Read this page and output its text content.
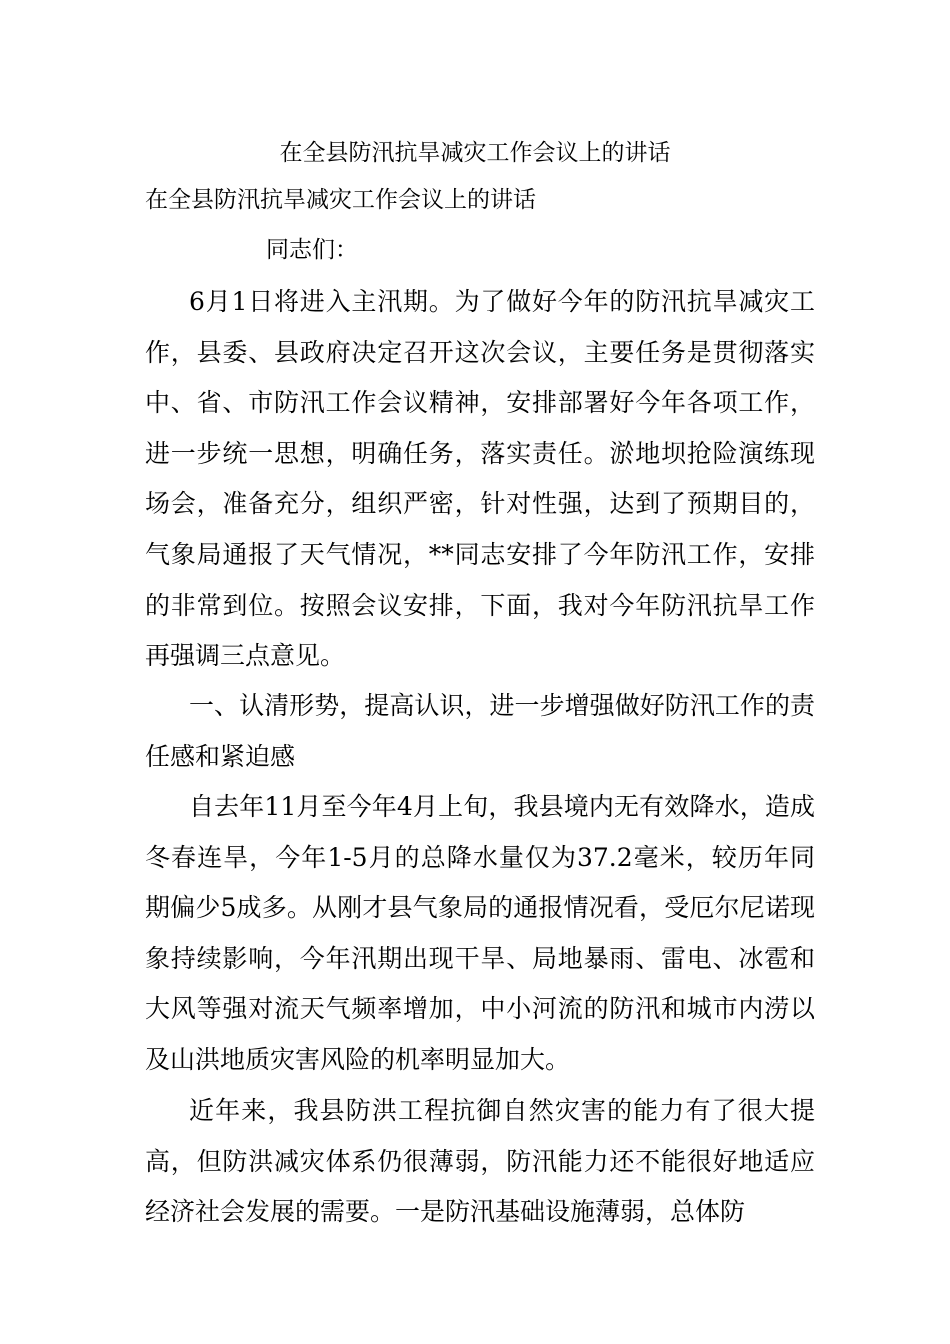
在全县防汛抗旱减灾工作会议上的讲话
在全县防汛抗旱减灾工作会议上的讲话

同志们：

6月1日将进入主汛期。为了做好今年的防汛抗旱减灾工作，县委、县政府决定召开这次会议，主要任务是贯彻落实中、省、市防汛工作会议精神，安排部署好今年各项工作，进一步统一思想，明确任务，落实责任。淤地坝抢险演练现场会，准备充分，组织严密，针对性强，达到了预期目的，气象局通报了天气情况，**同志安排了今年防汛工作，安排的非常到位。按照会议安排，下面，我对今年防汛抗旱工作再强调三点意见。

一、认清形势，提高认识，进一步增强做好防汛工作的责任感和紧迫感

自去年11月至今年4月上旬，我县境内无有效降水，造成冬春连旱，今年1-5月的总降水量仅为37.2毫米，较历年同期偏少5成多。从刚才县气象局的通报情况看，受厄尔尼诺现象持续影响，今年汛期出现干旱、局地暴雨、雷电、冰雹和大风等强对流天气频率增加，中小河流的防汛和城市内涝以及山洪地质灾害风险的机率明显加大。

近年来，我县防洪工程抗御自然灾害的能力有了很大提高，但防洪减灾体系仍很薄弱，防汛能力还不能很好地适应经济社会发展的需要。一是防汛基础设施薄弱，总体防
